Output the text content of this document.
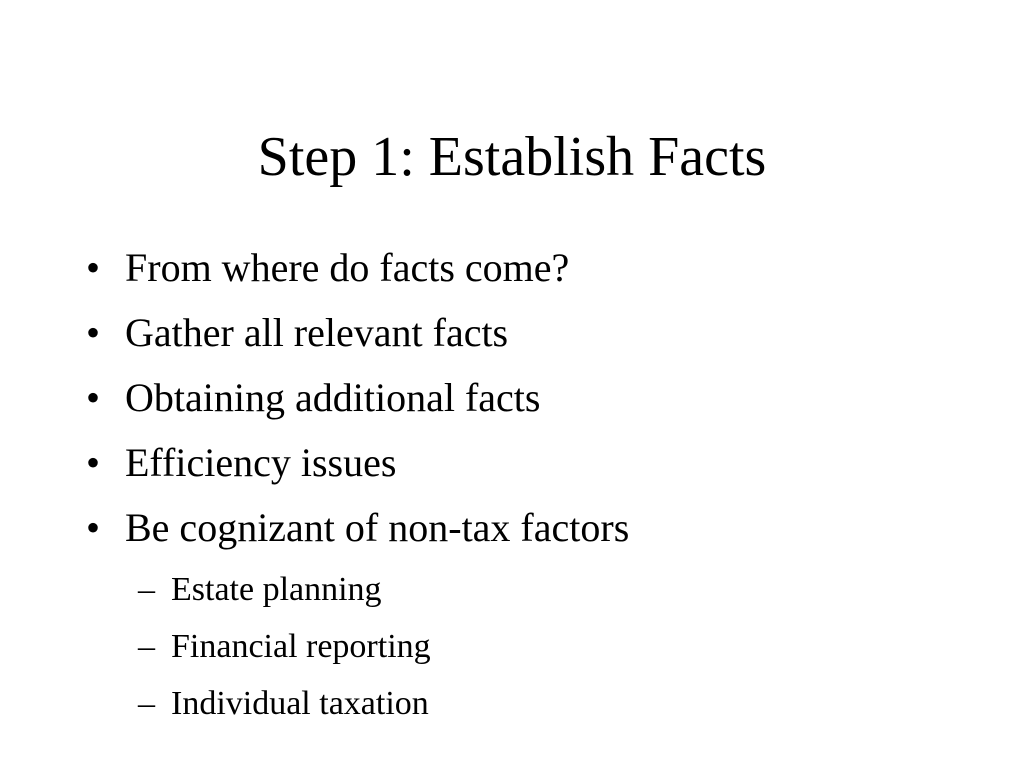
Step 1: Establish Facts
• From where do facts come?
• Gather all relevant facts
• Obtaining additional facts
• Efficiency issues
• Be cognizant of non-tax factors
– Estate planning
– Financial reporting
– Individual taxation
